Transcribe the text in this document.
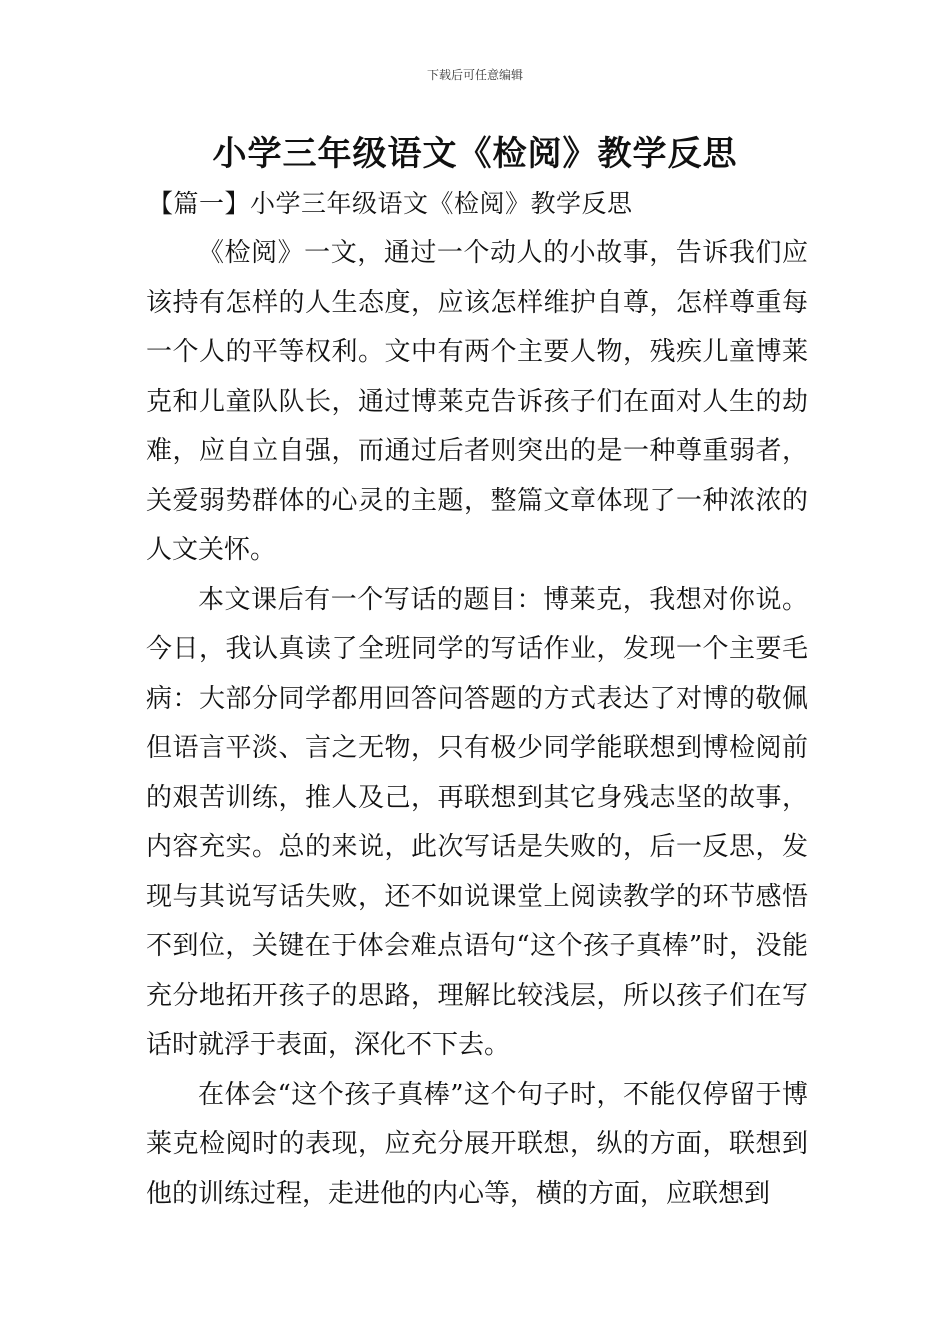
下载后可任意编辑
小学三年级语文《检阅》教学反思
【篇一】小学三年级语文《检阅》教学反思

《检阅》一文，通过一个动人的小故事，告诉我们应该持有怎样的人生态度，应该怎样维护自尊，怎样尊重每一个人的平等权利。文中有两个主要人物，残疾儿童博莱克和儿童队队长，通过博莱克告诉孩子们在面对人生的劫难，应自立自强，而通过后者则突出的是一种尊重弱者，关爱弱势群体的心灵的主题，整篇文章体现了一种浓浓的人文关怀。

本文课后有一个写话的题目：博莱克，我想对你说。今日，我认真读了全班同学的写话作业，发现一个主要毛病：大部分同学都用回答问答题的方式表达了对博的敬佩但语言平淡、言之无物，只有极少同学能联想到博检阅前的艰苦训练，推人及己，再联想到其它身残志坚的故事，内容充实。总的来说，此次写话是失败的，后一反思，发现与其说写话失败，还不如说课堂上阅读教学的环节感悟不到位，关键在于体会难点语句“这个孩子真棒”时，没能充分地拓开孩子的思路，理解比较浅层，所以孩子们在写话时就浮于表面，深化不下去。

在体会“这个孩子真棒”这个句子时，不能仅停留于博莱克检阅时的表现，应充分展开联想，纵的方面，联想到他的训练过程，走进他的内心等，横的方面，应联想到
